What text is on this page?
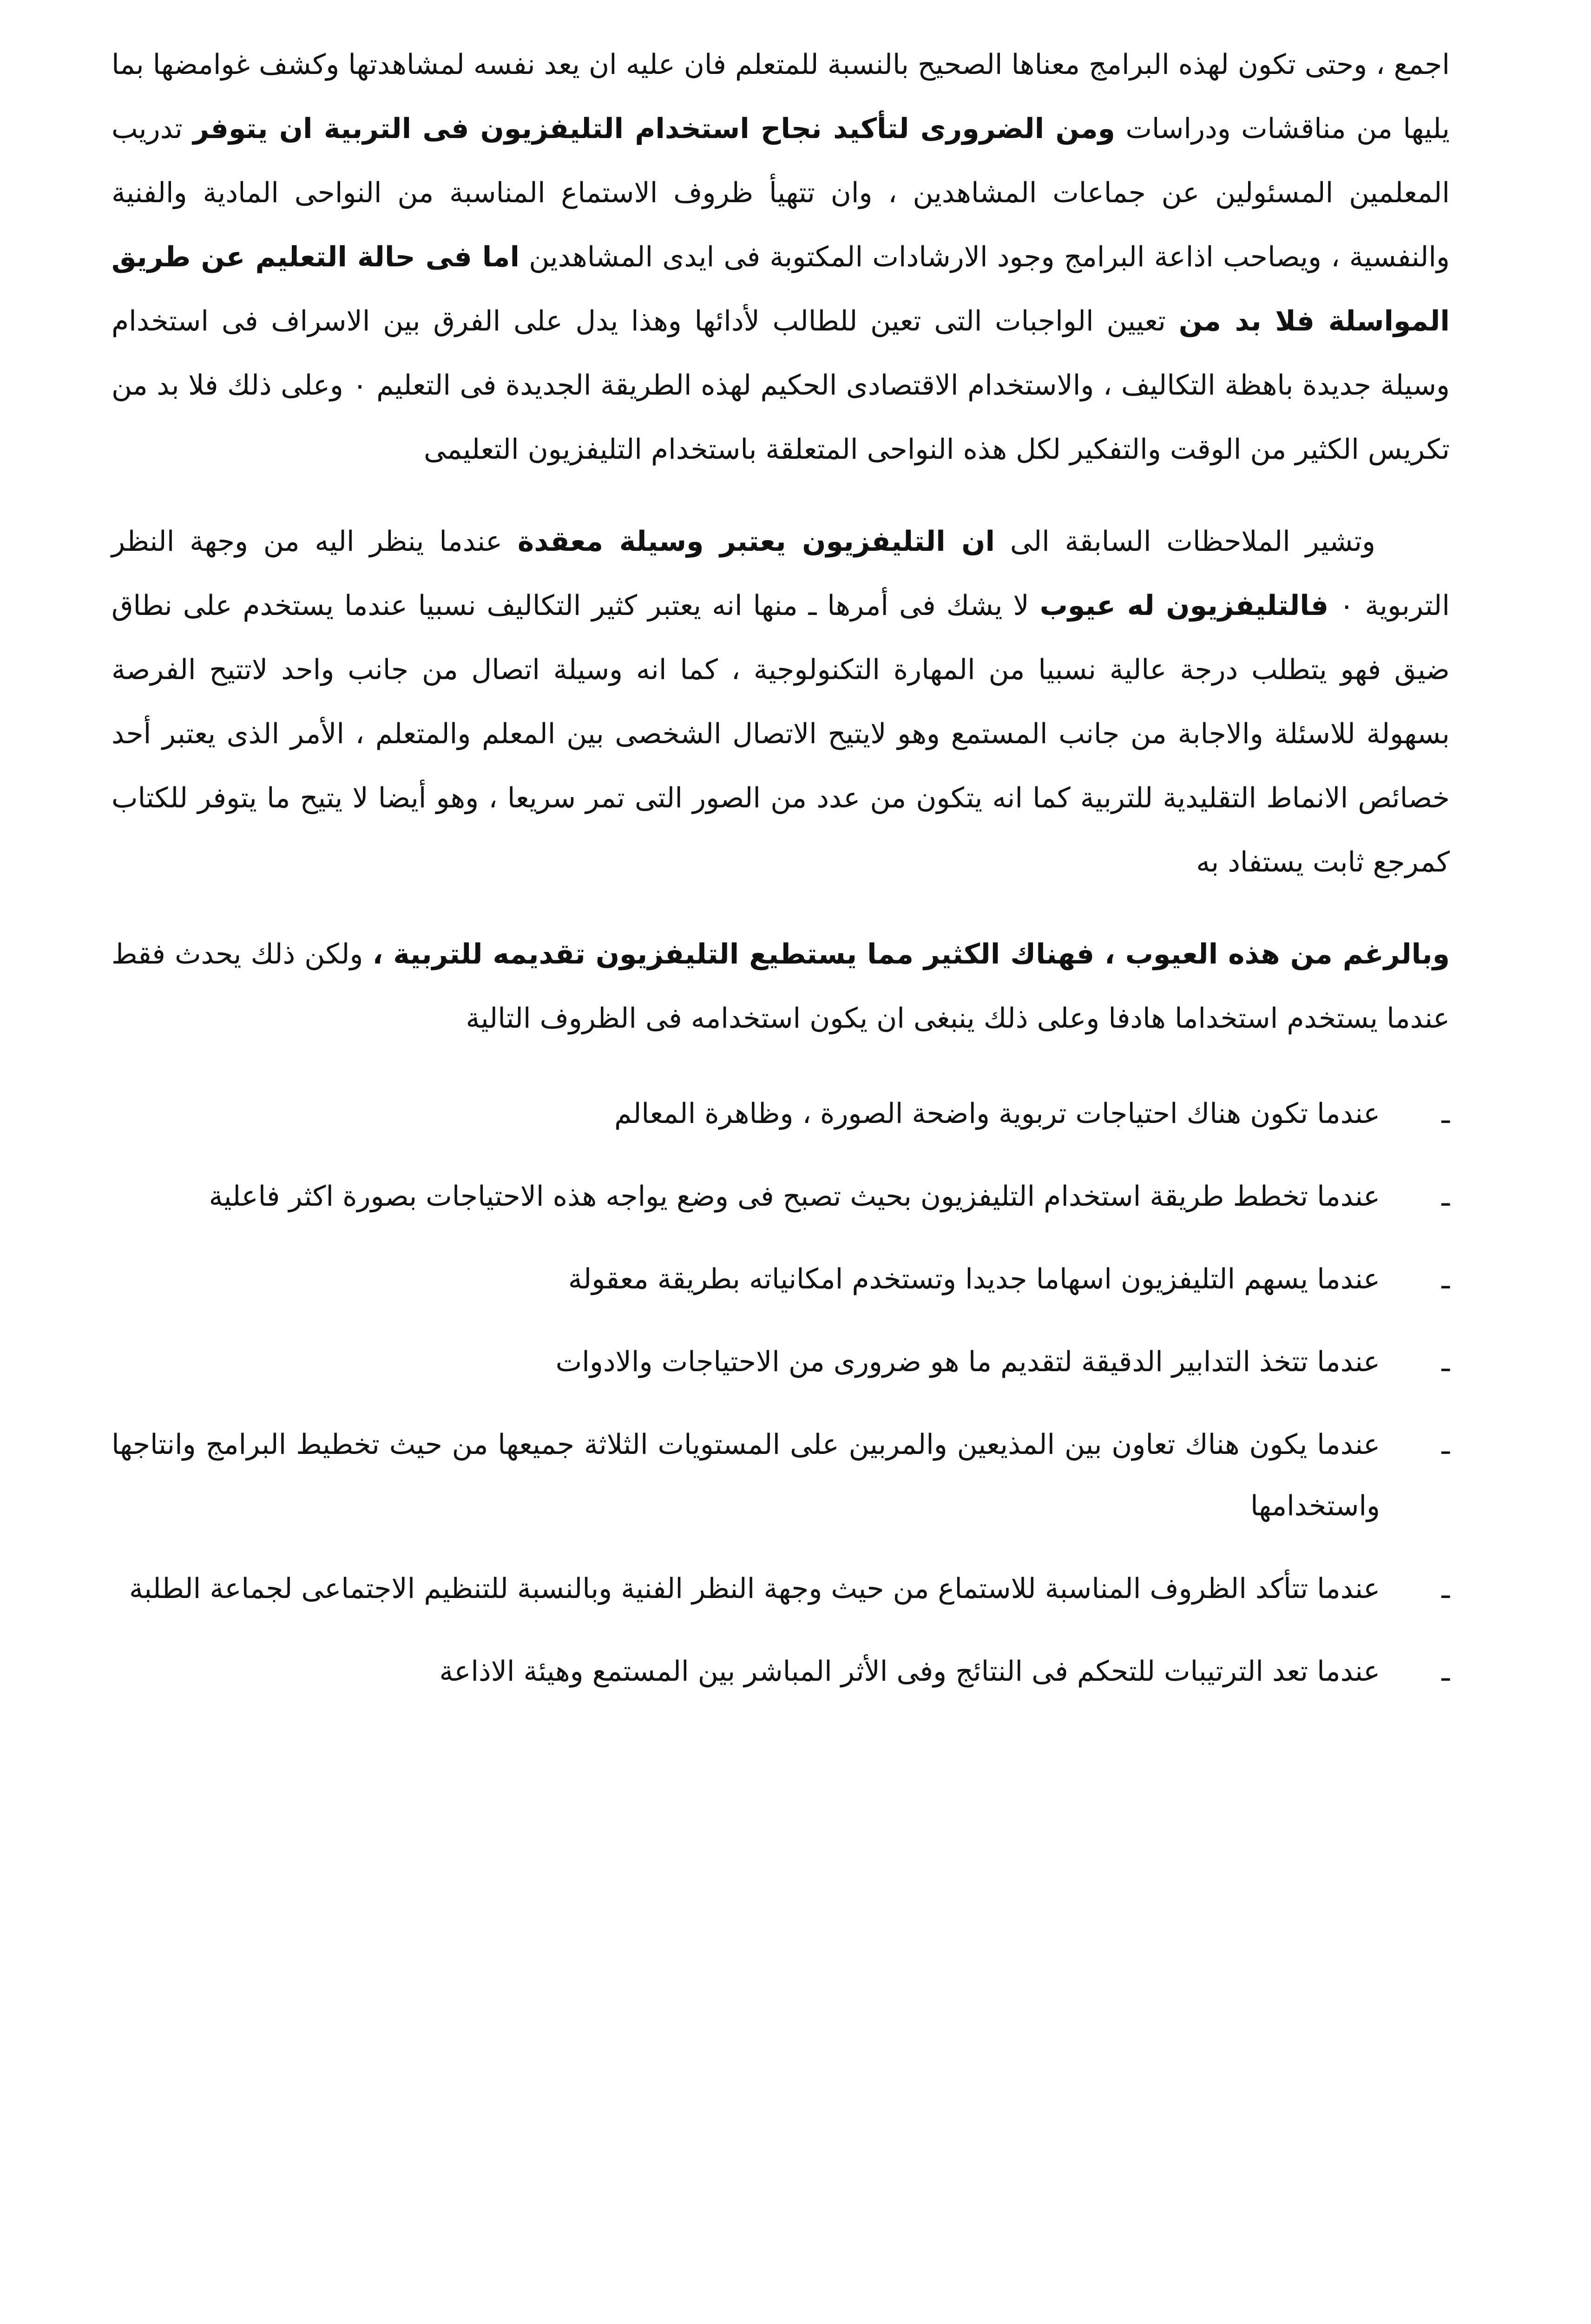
اجمع ، وحتى تكون لهذه البرامج معناها الصحيح بالنسبة للمتعلم فان عليه ان يعد نفسه لمشاهدتها وكشف غوامضها بما يليها من مناقشات ودراسات ومن الضرورى لتأكيد نجاح استخدام التليفزيون فى التربية ان يتوفر تدريب المعلمين المسئولين عن جماعات المشاهدين ، وان تتهيأ ظروف الاستماع المناسبة من النواحى المادية والفنية والنفسية ، ويصاحب اذاعة البرامج وجود الارشادات المكتوبة فى ايدى المشاهدين اما فى حالة التعليم عن طريق المواسلة فلا بد من تعيين الواجبات التى تعين للطالب لأدائها وهذا يدل على الفرق بين الاسراف فى استخدام وسيلة جديدة باهظة التكاليف ، والاستخدام الاقتصادى الحكيم لهذه الطريقة الجديدة فى التعليم ٠ وعلى ذلك فلا بد من تكريس الكثير من الوقت والتفكير لكل هذه النواحى المتعلقة باستخدام التليفزيون التعليمى

وتشير الملاحظات السابقة الى ان التليفزيون يعتبر وسيلة معقدة عندما ينظر اليه من وجهة النظر التربوية ٠ فالتليفزيون له عيوب لا يشك فى أمرها ـ منها انه يعتبر كثير التكاليف نسبيا عندما يستخدم على نطاق ضيق فهو يتطلب درجة عالية نسبيا من المهارة التكنولوجية ، كما انه وسيلة اتصال من جانب واحد لاتتيح الفرصة بسهولة للاسئلة والاجابة من جانب المستمع وهو لايتيح الاتصال الشخصى بين المعلم والمتعلم ، الأمر الذى يعتبر أحد خصائص الانماط التقليدية للتربية كما انه يتكون من عدد من الصور التى تمر سريعا ، وهو أيضا لا يتيح ما يتوفر للكتاب كمرجع ثابت يستفاد به

وبالرغم من هذه العيوب ، فهناك الكثير مما يستطيع التليفزيون تقديمه للتربية ، ولكن ذلك يحدث فقط عندما يستخدم استخداما هادفا وعلى ذلك ينبغى ان يكون استخدامه فى الظروف التالية

ـ
عندما تكون هناك احتياجات تربوية واضحة الصورة ، وظاهرة المعالم
ـ
عندما تخطط طريقة استخدام التليفزيون بحيث تصبح فى وضع يواجه هذه الاحتياجات بصورة اكثر فاعلية
ـ
عندما يسهم التليفزيون اسهاما جديدا وتستخدم امكانياته بطريقة معقولة
ـ
عندما تتخذ التدابير الدقيقة لتقديم ما هو ضرورى من الاحتياجات والادوات
ـ
عندما يكون هناك تعاون بين المذيعين والمربين على المستويات الثلاثة جميعها من حيث تخطيط البرامج وانتاجها واستخدامها
ـ
عندما تتأكد الظروف المناسبة للاستماع من حيث وجهة النظر الفنية وبالنسبة للتنظيم الاجتماعى لجماعة الطلبة
ـ
عندما تعد الترتيبات للتحكم فى النتائج وفى الأثر المباشر بين المستمع وهيئة الاذاعة
